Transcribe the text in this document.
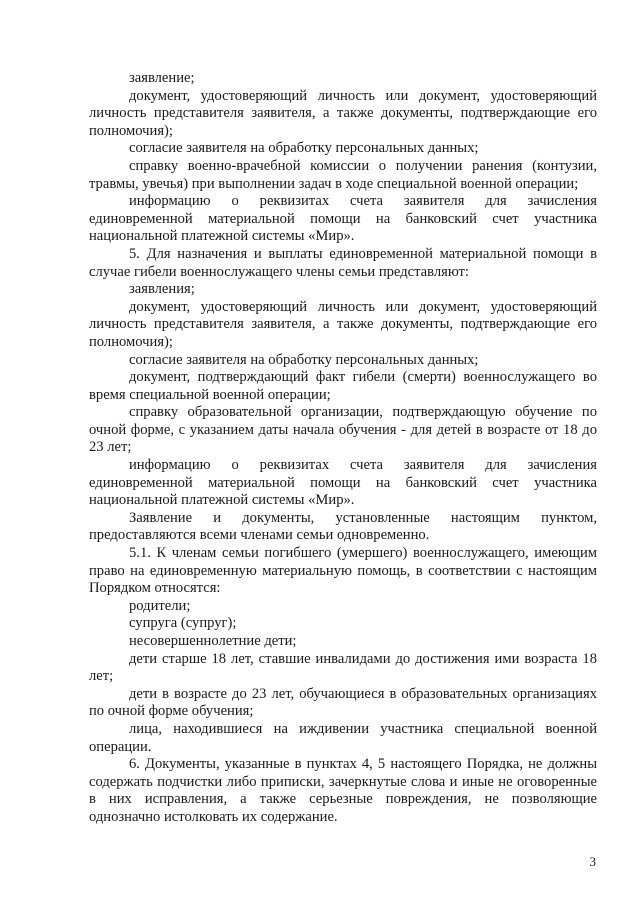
заявление;

документ, удостоверяющий личность или документ, удостоверяющий личность представителя заявителя, а также документы, подтверждающие его полномочия);

согласие заявителя на обработку персональных данных;

справку военно-врачебной комиссии о получении ранения (контузии, травмы, увечья) при выполнении задач в ходе специальной военной операции;

информацию о реквизитах счета заявителя для зачисления единовременной материальной помощи на банковский счет участника национальной платежной системы «Мир».

5. Для назначения и выплаты единовременной материальной помощи в случае гибели военнослужащего члены семьи представляют:

заявления;

документ, удостоверяющий личность или документ, удостоверяющий личность представителя заявителя, а также документы, подтверждающие его полномочия);

согласие заявителя на обработку персональных данных;

документ, подтверждающий факт гибели (смерти) военнослужащего во время специальной военной операции;

справку образовательной организации, подтверждающую обучение по очной форме, с указанием даты начала обучения - для детей в возрасте от 18 до 23 лет;

информацию о реквизитах счета заявителя для зачисления единовременной материальной помощи на банковский счет участника национальной платежной системы «Мир».

Заявление и документы, установленные настоящим пунктом, предоставляются всеми членами семьи одновременно.

5.1. К членам семьи погибшего (умершего) военнослужащего, имеющим право на единовременную материальную помощь, в соответствии с настоящим Порядком относятся:

родители;

супруга (супруг);

несовершеннолетние дети;

дети старше 18 лет, ставшие инвалидами до достижения ими возраста 18 лет;

дети в возрасте до 23 лет, обучающиеся в образовательных организациях по очной форме обучения;

лица, находившиеся на иждивении участника специальной военной операции.

6. Документы, указанные в пунктах 4, 5 настоящего Порядка, не должны содержать подчистки либо приписки, зачеркнутые слова и иные не оговоренные в них исправления, а также серьезные повреждения, не позволяющие однозначно истолковать их содержание.

3
